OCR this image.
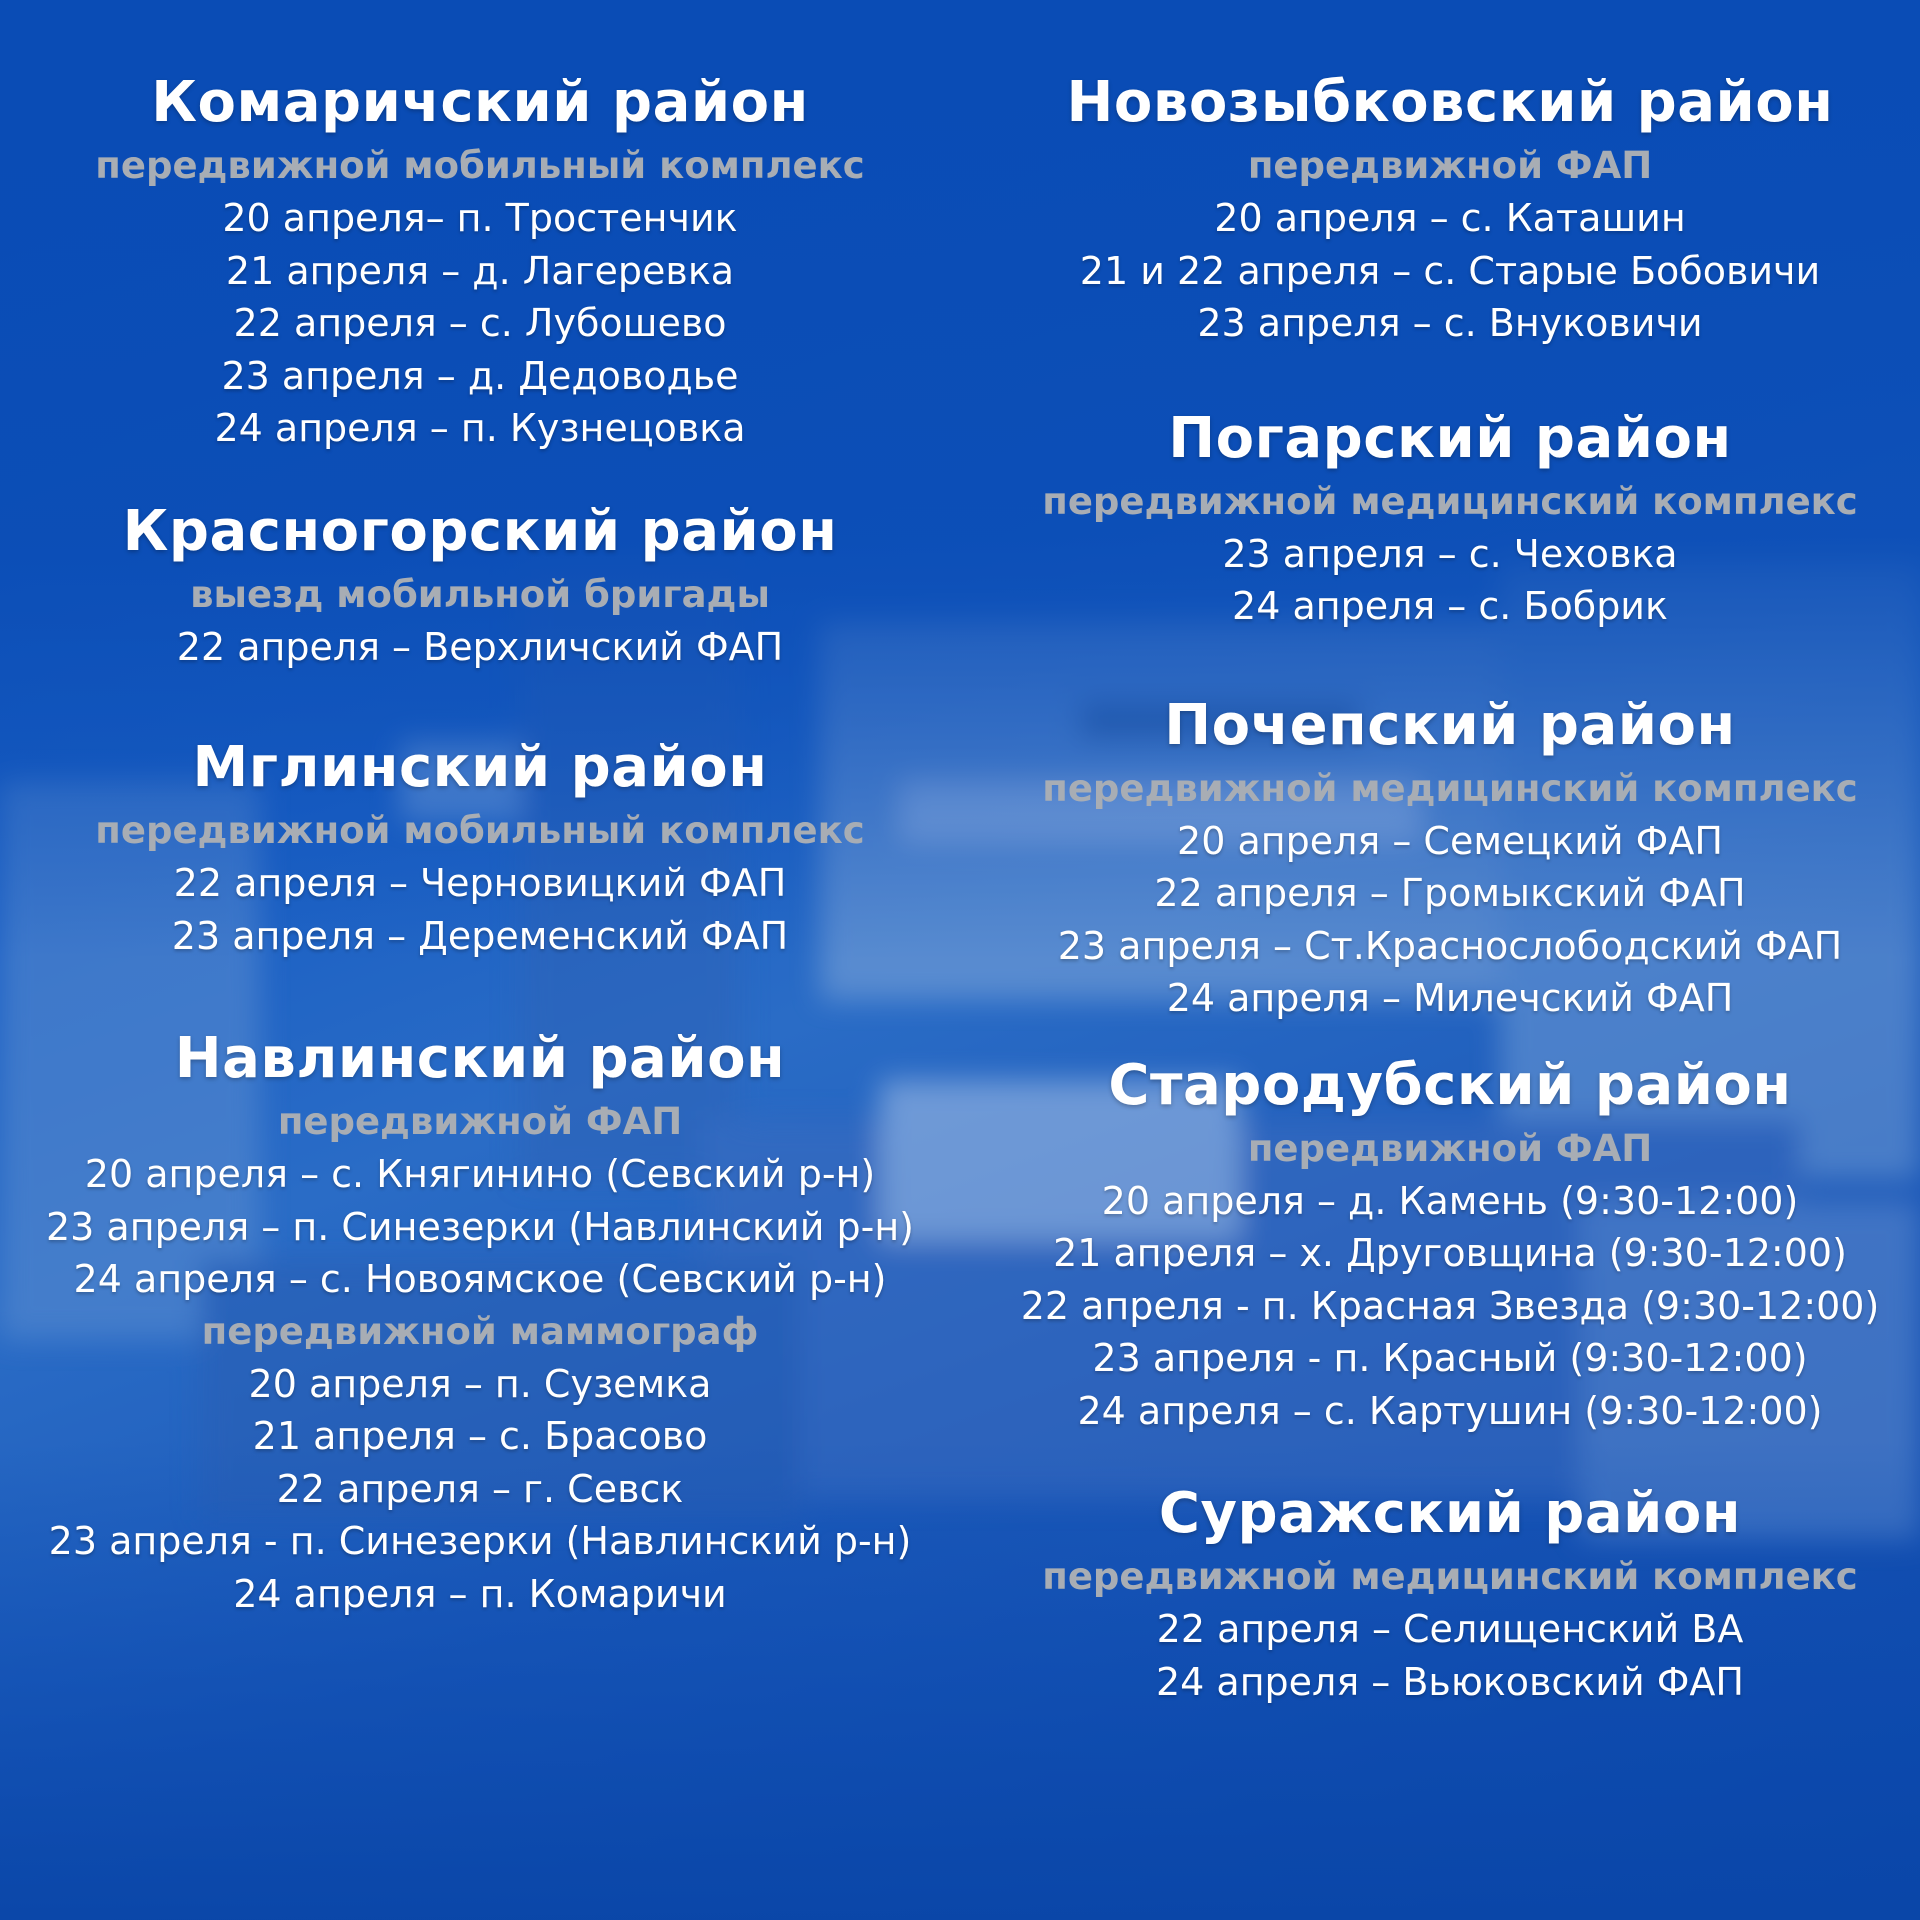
Комаричский район

передвижной мобильный комплекс

20 апреля– п. Тростенчик

21 апреля – д. Лагеревка

22 апреля – с. Лубошево

23 апреля – д. Дедоводье

24 апреля – п. Кузнецовка

Красногорский район

выезд мобильной бригады

22 апреля – Верхличский ФАП

Мглинский район

передвижной мобильный комплекс

22 апреля – Черновицкий ФАП

23 апреля – Деременский ФАП

Навлинский район

передвижной ФАП

20 апреля – с. Княгинино (Севский р-н)

23 апреля – п. Синезерки (Навлинский р-н)

24 апреля – с. Новоямское (Севский р-н)

передвижной маммограф

20 апреля – п. Суземка

21 апреля – с. Брасово

22 апреля – г. Севск

23 апреля - п. Синезерки (Навлинский р-н)

24 апреля – п. Комаричи

Новозыбковский район

передвижной ФАП

20 апреля – с. Каташин

21 и 22 апреля – с. Старые Бобовичи

23 апреля – с. Внуковичи

Погарский район

передвижной медицинский комплекс

23 апреля – с. Чеховка

24 апреля – с. Бобрик

Почепский район

передвижной медицинский комплекс

20 апреля – Семецкий ФАП

22 апреля – Громыкский ФАП

23 апреля – Ст.Краснослободский ФАП

24 апреля – Милечский ФАП

Стародубский район

передвижной ФАП

20 апреля – д. Камень (9:30-12:00)

21 апреля – х. Друговщина (9:30-12:00)

22 апреля - п. Красная Звезда (9:30-12:00)

23 апреля - п. Красный (9:30-12:00)

24 апреля – с. Картушин (9:30-12:00)

Суражский район

передвижной медицинский комплекс

22 апреля – Селищенский ВА

24 апреля – Вьюковский ФАП
